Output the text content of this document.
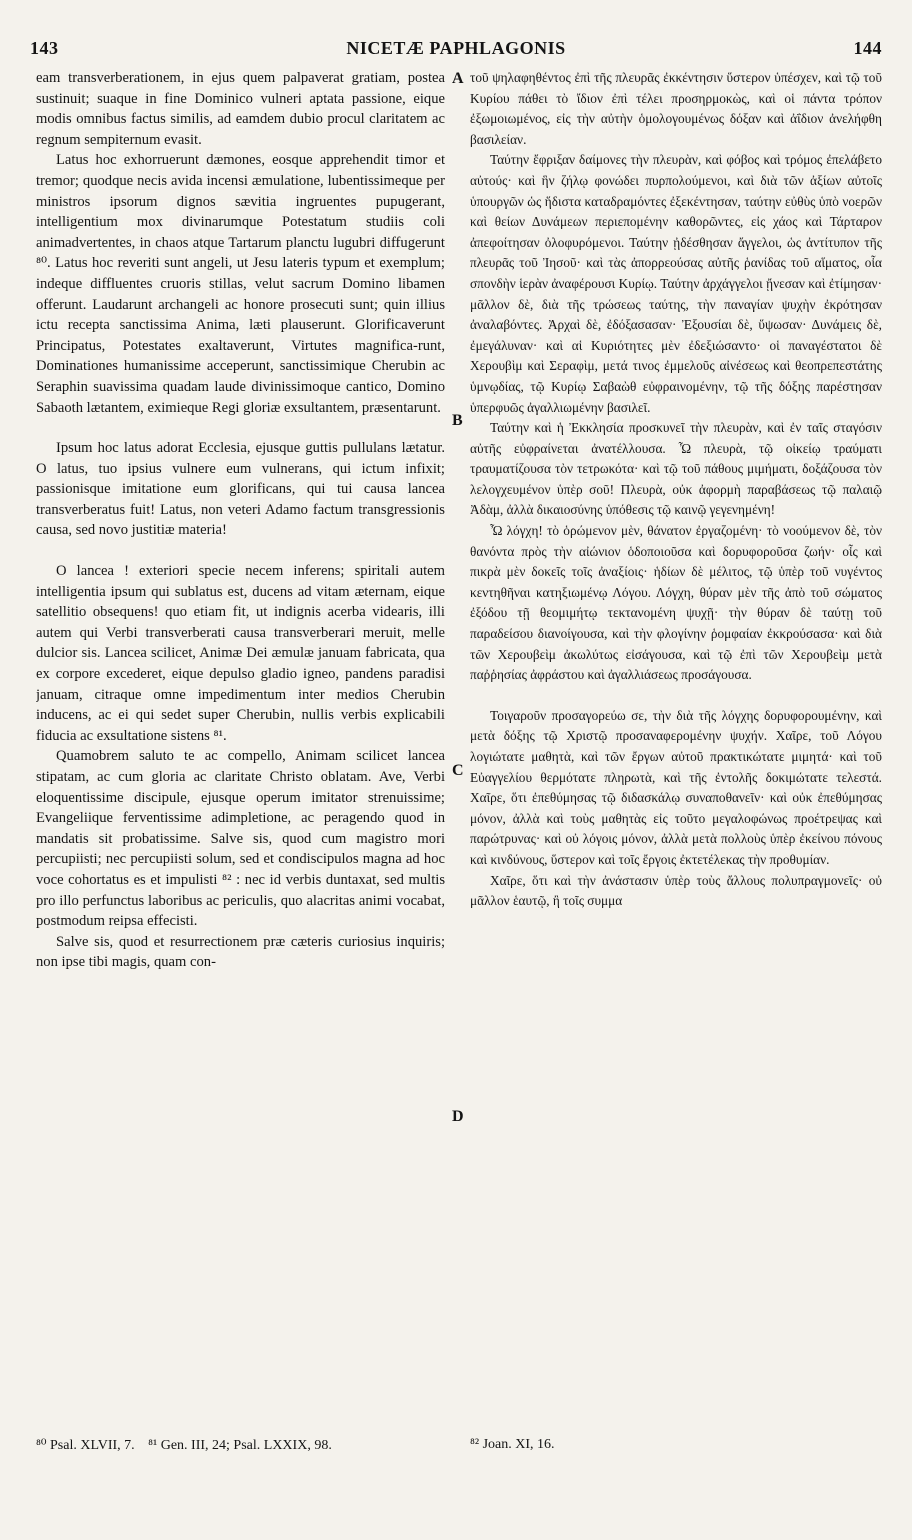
143	NICETÆ PAPHLAGONIS	144
A
B
C
D

eam transverberationem, in ejus quem palpaverat gratiam, postea sustinuit; suaque in fine Dominico vulneri aptata passione, eique modis omnibus factus similis, ad eamdem dubio procul claritatem ac regnum sempiternum evasit.

Latus hoc exhorruerunt dæmones, eosque apprehendit timor et tremor; quodque necis avida incensi æmulatione, lubentissimeque per ministros ipsorum dignos sævitia ingruentes pupugerant, intelligentium mox divinarumque Potestatum studiis coli animadvertentes, in chaos atque Tartarum planctu lugubri diffugerunt ⁸⁰. Latus hoc reveriti sunt angeli, ut Jesu lateris typum et exemplum; indeque diffluentes cruoris stillas, velut sacrum Domino libamen offerunt. Laudarunt archangeli ac honore prosecuti sunt; quin illius ictu recepta sanctissima Anima, læti plauserunt. Glorificaverunt Principatus, Potestates exaltaverunt, Virtutes magnifica-runt, Dominationes humanissime acceperunt, sanctissimique Cherubin ac Seraphin suavissima quadam laude divinissimoque cantico, Domino Sabaoth lætantem, eximieque Regi gloriæ exsultantem, præsentarunt.

Ipsum hoc latus adorat Ecclesia, ejusque guttis pullulans lætatur. O latus, tuo ipsius vulnere eum vulnerans, qui ictum infixit; passionisque imitatione eum glorificans, qui tui causa lancea transverberatus fuit! Latus, non veteri Adamo factum transgressionis causa, sed novo justitiæ materia!

O lancea ! exteriori specie necem inferens; spiritali autem intelligentia ipsum qui sublatus est, ducens ad vitam æternam, eique satellitio obsequens! quo etiam fit, ut indignis acerba videaris, illi autem qui Verbi transverberati causa transverberari meruit, melle dulcior sis. Lancea scilicet, Animæ Dei æmulæ januam fabricata, qua ex corpore excederet, eique depulso gladio igneo, pandens paradisi januam, citraque omne impedimentum inter medios Cherubin inducens, ac ei qui sedet super Cherubin, nullis verbis explicabili fiducia ac exsultatione sistens ⁸¹.

Quamobrem saluto te ac compello, Animam scilicet lancea stipatam, ac cum gloria ac claritate Christo oblatam. Ave, Verbi eloquentissime discipule, ejusque operum imitator strenuissime; Evangeliique ferventissime adimpletione, ac peragendo quod in mandatis sit probatissime. Salve sis, quod cum magistro mori percupiisti; nec percupiisti solum, sed et condiscipulos magna ad hoc voce cohortatus es et impulisti ⁸² : nec id verbis duntaxat, sed multis pro illo perfunctus laboribus ac periculis, quo alacritas animi vocabat, postmodum reipsa effecisti.

Salve sis, quod et resurrectionem præ cæteris curiosius inquiris; non ipse tibi magis, quam con-

τοῦ ψηλαφηθέντος ἐπὶ τῆς πλευρᾶς ἐκκέντησιν ὕστερον ὑπέσχεν, καὶ τῷ τοῦ Κυρίου πάθει τὸ ἴδιον ἐπὶ τέλει προσηρμοκὼς, καὶ οἱ πάντα τρόπον ἐξωμοιωμένος, εἰς τὴν αὐτὴν ὁμολογουμένως δόξαν καὶ ἀΐδιον ἀνελήφθη βασιλείαν.

Ταύτην ἔφριξαν δαίμονες τὴν πλευρὰν, καὶ φόβος καὶ τρόμος ἐπελάβετο αὐτούς· καὶ ἣν ζήλῳ φονώδει πυρπολούμενοι, καὶ διὰ τῶν ἀξίων αὐτοῖς ὑπουργῶν ὡς ἥδιστα καταδραμόντες ἐξεκέντησαν, ταύτην εὐθὺς ὑπὸ νοερῶν καὶ θείων Δυνάμεων περιεπομένην καθορῶντες, εἰς χάος καὶ Τάρταρον ἀπεφοίτησαν ὀλοφυρόμενοι. Ταύτην ᾐδέσθησαν ἄγγελοι, ὡς ἀντίτυπον τῆς πλευρᾶς τοῦ Ἰησοῦ· καὶ τὰς ἀπορρεούσας αὐτῆς ῥανίδας τοῦ αἵματος, οἷα σπονδὴν ἱερὰν ἀναφέρουσι Κυρίῳ. Ταύτην ἀρχάγγελοι ᾔνεσαν καὶ ἐτίμησαν· μᾶλλον δὲ, διὰ τῆς τρώσεως ταύτης, τὴν παναγίαν ψυχὴν ἐκρότησαν ἀναλαβόντες. Ἀρχαὶ δὲ, ἐδόξασασαν· Ἐξουσίαι δὲ, ὕψωσαν· Δυνάμεις δὲ, ἐμεγάλυναν· καὶ αἱ Κυριότητες μὲν ἐδεξιώσαντο· οἱ παναγέστατοι δὲ Χερουβὶμ καὶ Σεραφὶμ, μετά τινος ἐμμελοῦς αἰνέσεως καὶ θεοπρεπεστάτης ὑμνῳδίας, τῷ Κυρίῳ Σαβαὼθ εὐφραινομένην, τῷ τῆς δόξης παρέστησαν ὑπερφυῶς ἀγαλλιωμένην βασιλεῖ.

Ταύτην καὶ ἡ Ἐκκλησία προσκυνεῖ τὴν πλευρὰν, καὶ ἐν ταῖς σταγόσιν αὐτῆς εὐφραίνεται ἀνατέλλουσα. Ὦ πλευρὰ, τῷ οἰκείῳ τραύματι τραυματίζουσα τὸν τετρωκότα· καὶ τῷ τοῦ πάθους μιμήματι, δοξάζουσα τὸν λελογχευμένον ὑπὲρ σοῦ! Πλευρὰ, οὐκ ἀφορμὴ παραβάσεως τῷ παλαιῷ Ἀδὰμ, ἀλλὰ δικαιοσύνης ὑπόθεσις τῷ καινῷ γεγενημένη!

Ὦ λόγχη! τὸ ὁρώμενον μὲν, θάνατον ἐργαζομένη· τὸ νοούμενον δὲ, τὸν θανόντα πρὸς τὴν αἰώνιον ὁδοποιοῦσα καὶ δορυφοροῦσα ζωήν· οἷς καὶ πικρὰ μὲν δοκεῖς τοῖς ἀναξίοις· ἡδίων δὲ μέλιτος, τῷ ὑπὲρ τοῦ νυγέντος κεντηθῆναι κατηξιωμένῳ Λόγου. Λόγχη, θύραν μὲν τῆς ἀπὸ τοῦ σώματος ἐξόδου τῇ θεομιμήτῳ τεκτανομένη ψυχῇ· τὴν θύραν δὲ ταύτῃ τοῦ παραδείσου διανοίγουσα, καὶ τὴν φλογίνην ῥομφαίαν ἐκκρούσασα· καὶ διὰ τῶν Χερουβεὶμ ἀκωλύτως εἰσάγουσα, καὶ τῷ ἐπὶ τῶν Χερουβεὶμ μετὰ παῤῥησίας ἀφράστου καὶ ἀγαλλιάσεως προσάγουσα.

Τοιγαροῦν προσαγορεύω σε, τὴν διὰ τῆς λόγχης δορυφορουμένην, καὶ μετὰ δόξης τῷ Χριστῷ προσαναφερομένην ψυχήν. Χαῖρε, τοῦ Λόγου λογιώτατε μαθητὰ, καὶ τῶν ἔργων αὐτοῦ πρακτικώτατε μιμητά· καὶ τοῦ Εὐαγγελίου θερμότατε πληρωτὰ, καὶ τῆς ἐντολῆς δοκιμώτατε τελεστά. Χαῖρε, ὅτι ἐπεθύμησας τῷ διδασκάλῳ συναποθανεῖν· καὶ οὐκ ἐπεθύμησας μόνον, ἀλλὰ καὶ τοὺς μαθητὰς εἰς τοῦτο μεγαλοφώνως προέτρεψας καὶ παρώτρυνας· καὶ οὐ λόγοις μόνον, ἀλλὰ μετὰ πολλοὺς ὑπὲρ ἐκείνου πόνους καὶ κινδύνους, ὕστερον καὶ τοῖς ἔργοις ἐκτετέλεκας τὴν προθυμίαν.

Χαῖρε, ὅτι καὶ τὴν ἀνάστασιν ὑπὲρ τοὺς ἄλλους πολυπραγμονεῖς· οὐ μᾶλλον ἑαυτῷ, ἢ τοῖς συμμα

⁸⁰ Psal. XLVII, 7. ⁸¹ Gen. III, 24; Psal. LXXIX, 98.	⁸² Joan. XI, 16.
